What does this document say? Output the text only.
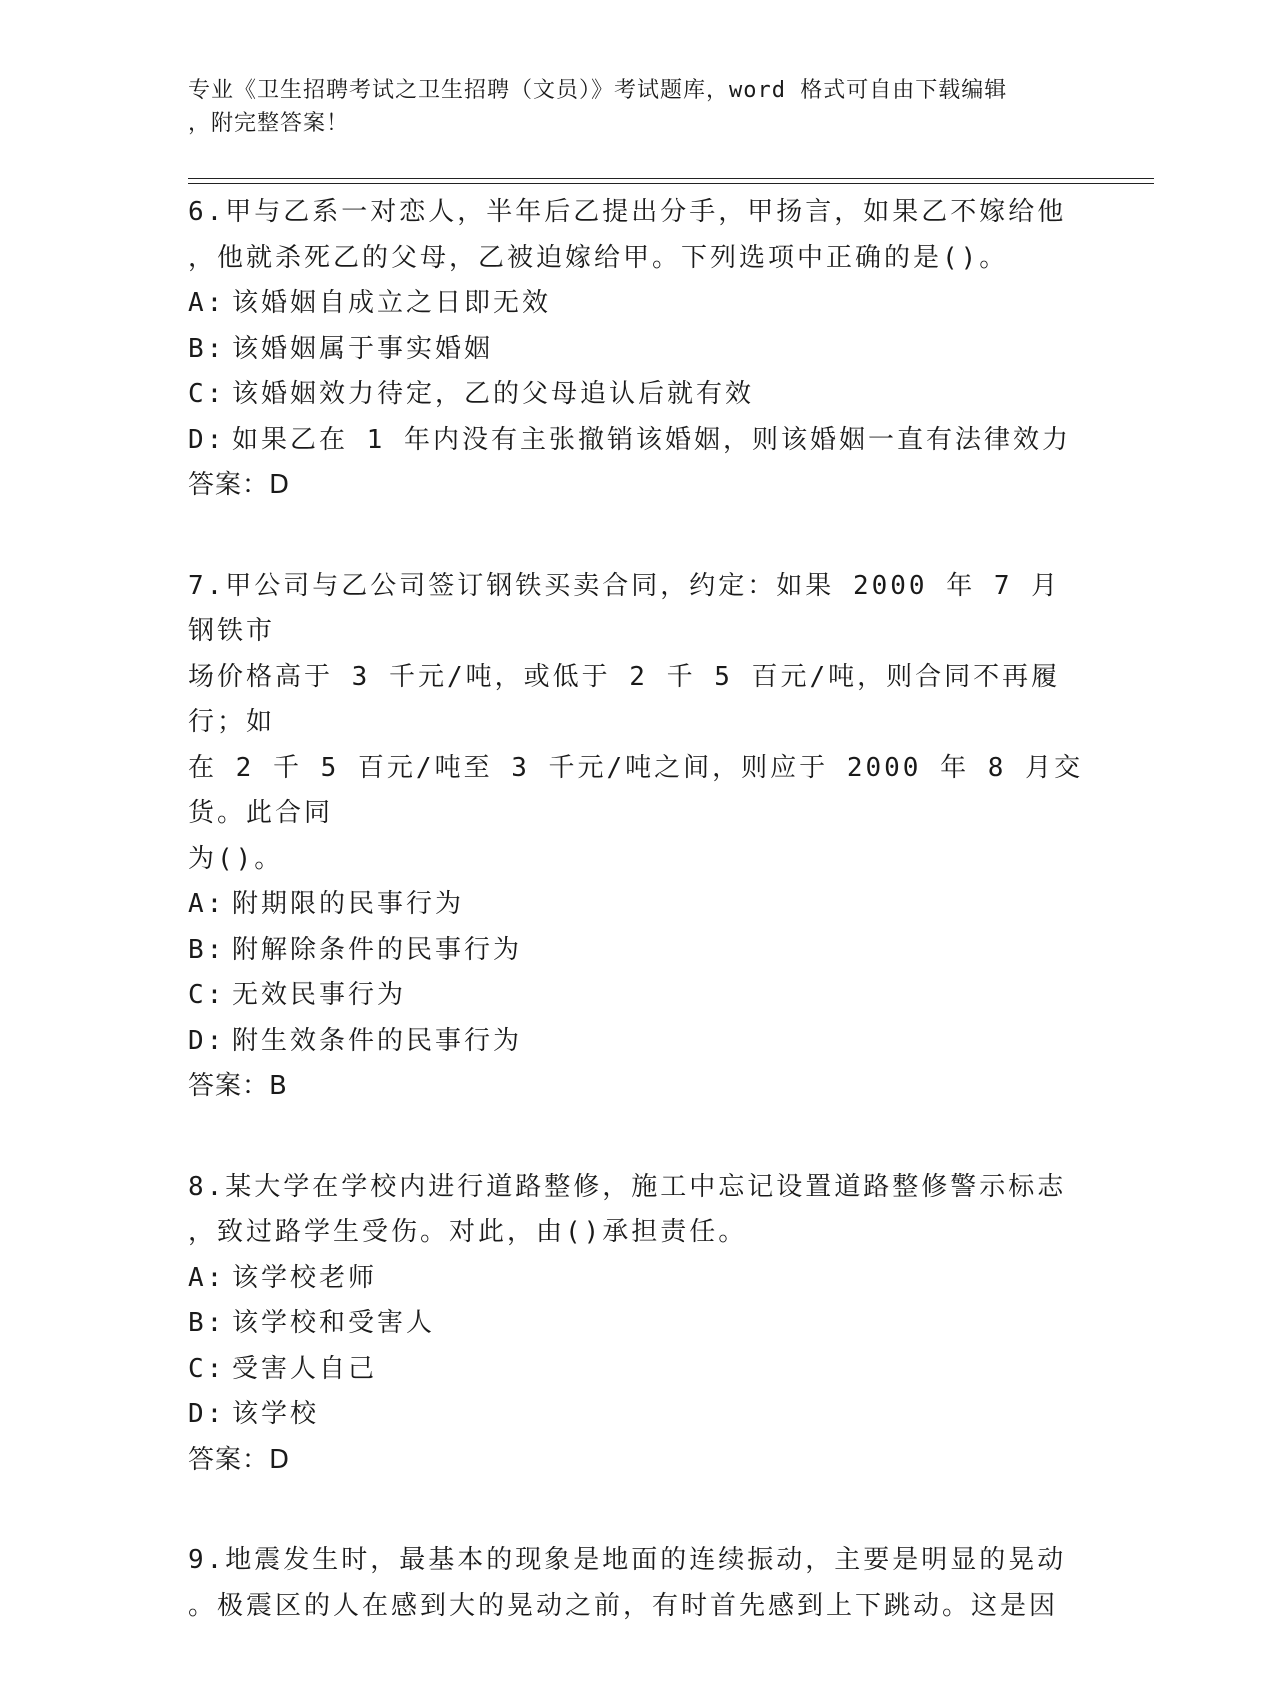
专业《卫生招聘考试之卫生招聘（文员）》考试题库，word 格式可自由下载编辑
，附完整答案！

6.甲与乙系一对恋人，半年后乙提出分手，甲扬言，如果乙不嫁给他

，他就杀死乙的父母，乙被迫嫁给甲。下列选项中正确的是()。

A: 该婚姻自成立之日即无效

B: 该婚姻属于事实婚姻

C: 该婚姻效力待定，乙的父母追认后就有效

D: 如果乙在 1 年内没有主张撤销该婚姻，则该婚姻一直有法律效力

答案：D

7.甲公司与乙公司签订钢铁买卖合同，约定：如果 2000 年 7 月钢铁市

场价格高于 3 千元/吨，或低于 2 千 5 百元/吨，则合同不再履行；如

在 2 千 5 百元/吨至 3 千元/吨之间，则应于 2000 年 8 月交货。此合同

为()。

A: 附期限的民事行为

B: 附解除条件的民事行为

C: 无效民事行为

D: 附生效条件的民事行为

答案：B

8.某大学在学校内进行道路整修，施工中忘记设置道路整修警示标志

，致过路学生受伤。对此，由()承担责任。

A: 该学校老师

B: 该学校和受害人

C: 受害人自己

D: 该学校

答案：D

9.地震发生时，最基本的现象是地面的连续振动，主要是明显的晃动

。极震区的人在感到大的晃动之前，有时首先感到上下跳动。这是因
